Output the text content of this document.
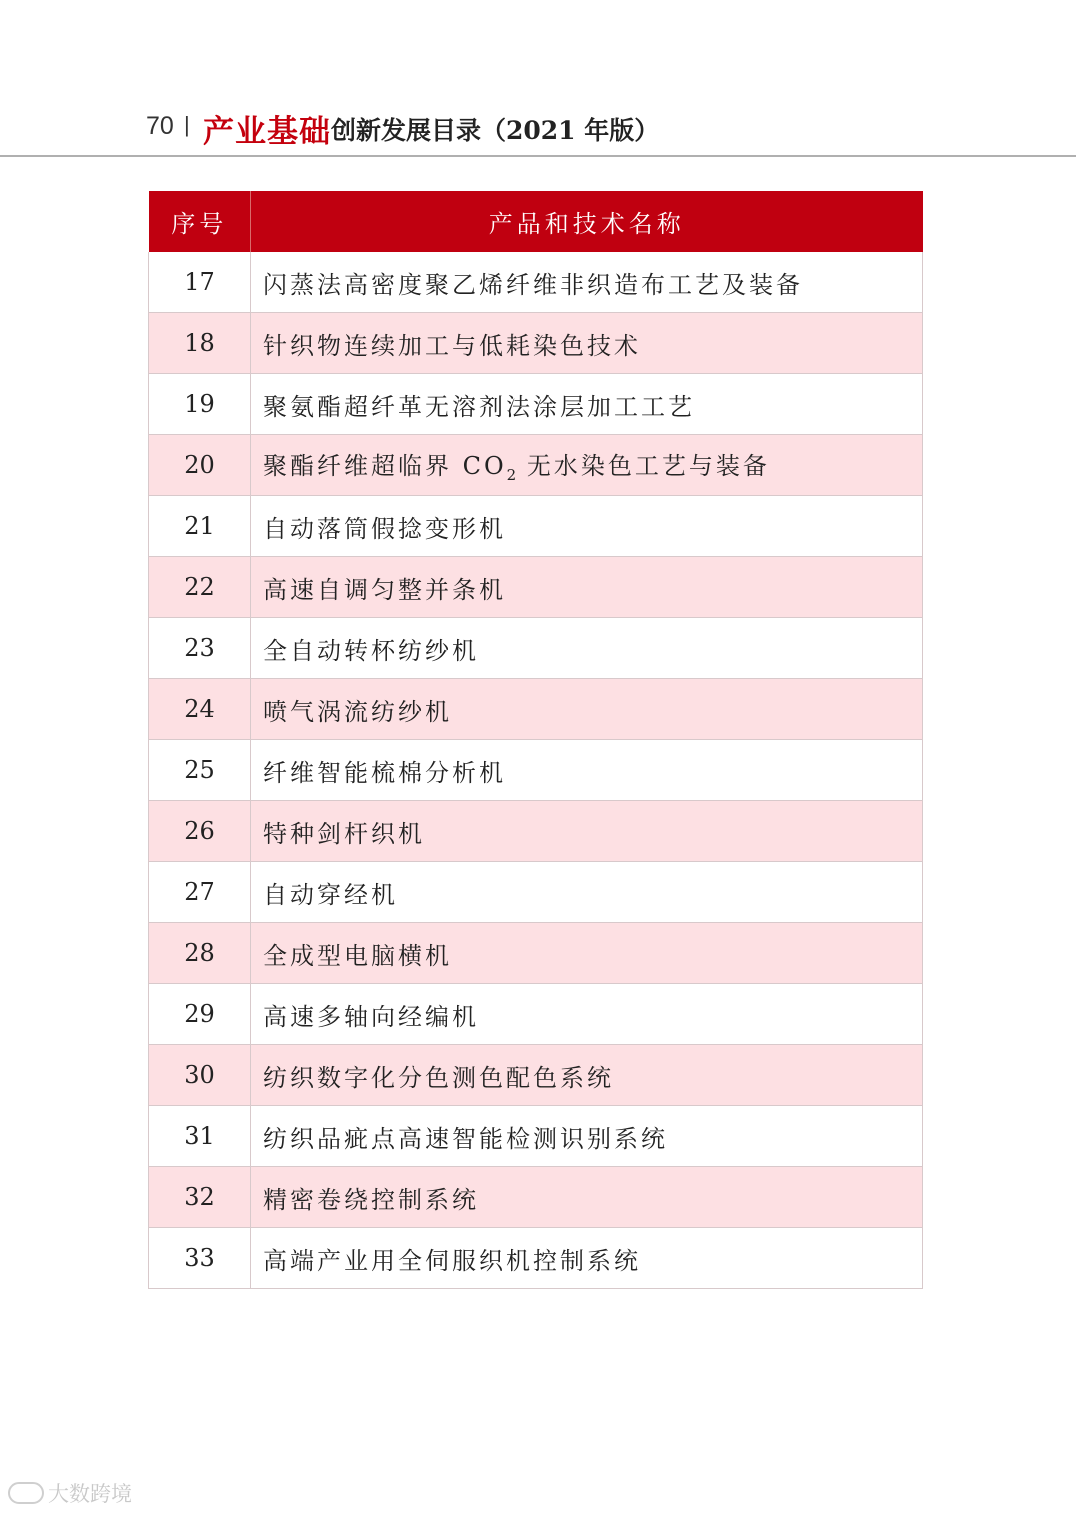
70 | 产业基础 创新发展目录（2021 年版）
序号	产品和技术名称
17	闪蒸法高密度聚乙烯纤维非织造布工艺及装备
18	针织物连续加工与低耗染色技术
19	聚氨酯超纤革无溶剂法涂层加工工艺
20	聚酯纤维超临界 $CO_2$ 无水染色工艺与装备
21	自动落筒假捻变形机
22	高速自调匀整并条机
23	全自动转杯纺纱机
24	喷气涡流纺纱机
25	纤维智能梳棉分析机
26	特种剑杆织机
27	自动穿经机
28	全成型电脑横机
29	高速多轴向经编机
30	纺织数字化分色测色配色系统
31	纺织品疵点高速智能检测识别系统
32	精密卷绕控制系统
33	高端产业用全伺服织机控制系统
大数跨境
